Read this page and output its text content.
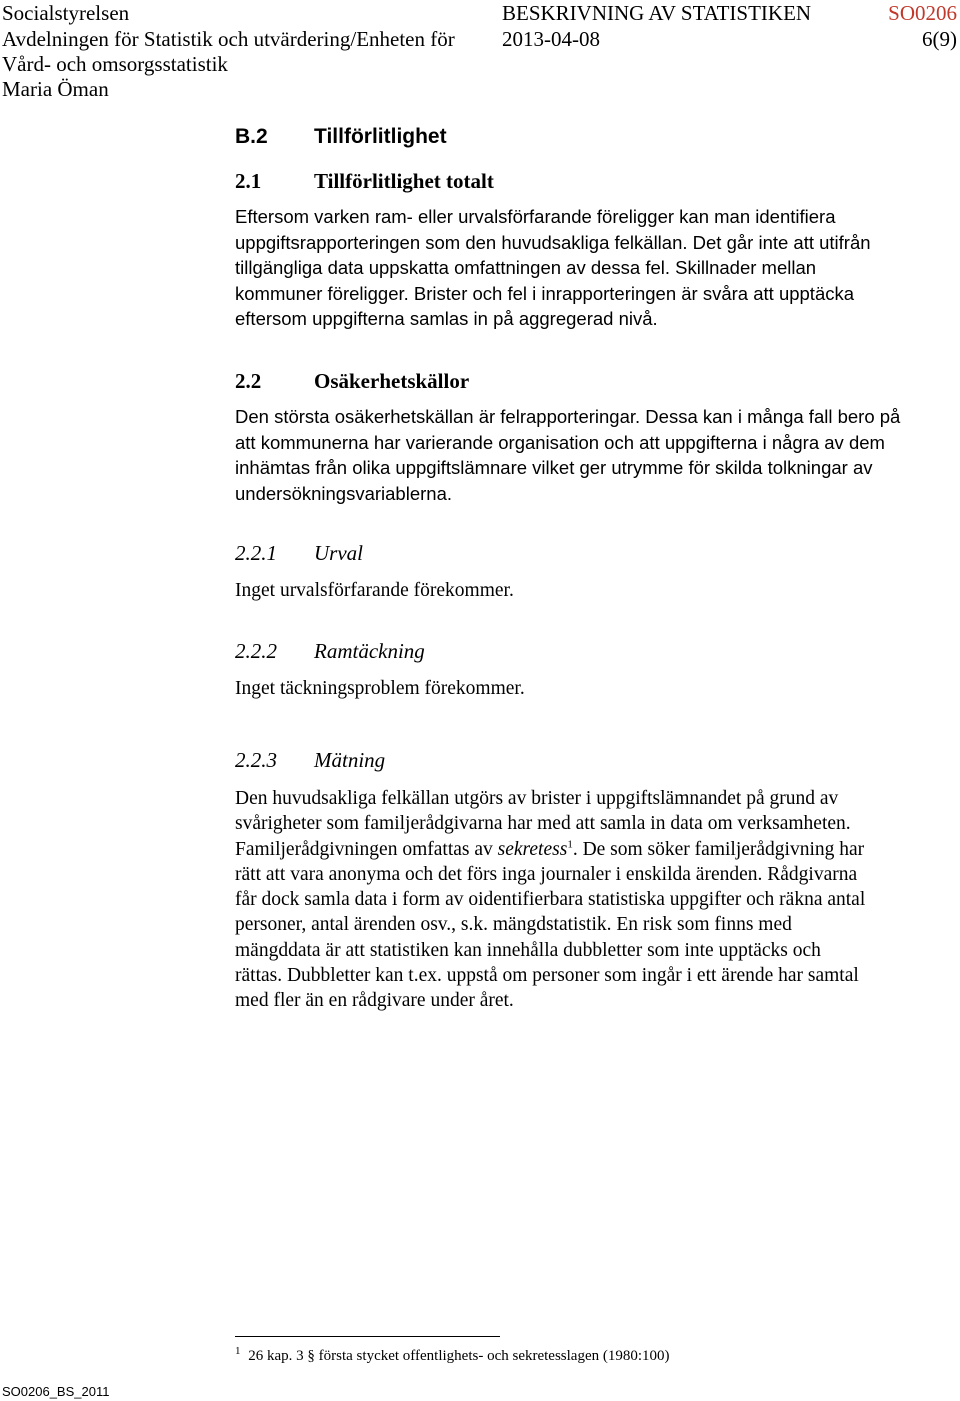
Socialstyrelsen
Avdelningen för Statistik och utvärdering/Enheten för
Vård- och omsorgsstatistik
Maria Öman
BESKRIVNING AV STATISTIKEN	SO0206
2013-04-08	6(9)
B.2 Tillförlitlighet
2.1	Tillförlitlighet totalt
Eftersom varken ram- eller urvalsförfarande föreligger kan man identifiera
uppgiftsrapporteringen som den huvudsakliga felkällan. Det går inte att utifrån
tillgängliga data uppskatta omfattningen av dessa fel. Skillnader mellan
kommuner föreligger. Brister och fel i inrapporteringen är svåra att upptäcka
eftersom uppgifterna samlas in på aggregerad nivå.
2.2	Osäkerhetskällor
Den största osäkerhetskällan är felrapporteringar. Dessa kan i många fall bero på
att kommunerna har varierande organisation och att uppgifterna i några av dem
inhämtas från olika uppgiftslämnare vilket ger utrymme för skilda tolkningar av
undersökningsvariablerna.
2.2.1 Urval
Inget urvalsförfarande förekommer.
2.2.2 Ramtäckning
Inget täckningsproblem förekommer.
2.2.3 Mätning
Den huvudsakliga felkällan utgörs av brister i uppgiftslämnandet på grund av
svårigheter som familjerådgivarna har med att samla in data om verksamheten.
Familjerådgivningen omfattas av sekretess$^1$. De som söker familjerådgivning har
rätt att vara anonyma och det förs inga journaler i enskilda ärenden. Rådgivarna
får dock samla data i form av oidentifierbara statistiska uppgifter och räkna antal
personer, antal ärenden osv., s.k. mängdstatistik. En risk som finns med
mängddata är att statistiken kan innehålla dubbletter som inte upptäcks och
rättas. Dubbletter kan t.ex. uppstå om personer som ingår i ett ärende har samtal
med fler än en rådgivare under året.
$^1$ 26 kap. 3 § första stycket offentlighets- och sekretesslagen (1980:100)
SO0206_BS_2011
